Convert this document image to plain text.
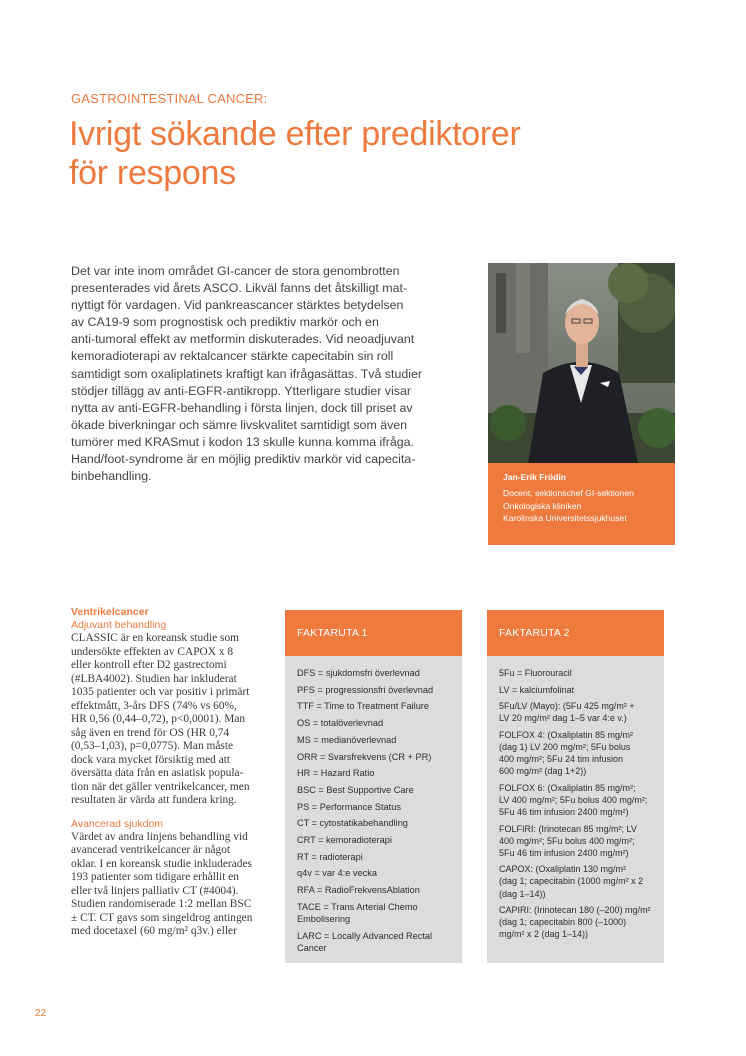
GASTROINTESTINAL CANCER:
Ivrigt sökande efter prediktorer
för respons
Det var inte inom området GI-cancer de stora genombrotten
presenterades vid årets ASCO. Likväl fanns det åtskilligt mat-
nyttigt för vardagen. Vid pankreascancer stärktes betydelsen
av CA19-9 som prognostisk och prediktiv markör och en
anti-tumoral effekt av metformin diskuterades. Vid neoadjuvant
kemoradioterapi av rektalcancer stärkte capecitabin sin roll
samtidigt som oxaliplatinets kraftigt kan ifrågasättas. Två studier
stödjer tillägg av anti-EGFR-antikropp. Ytterligare studier visar
nytta av anti-EGFR-behandling i första linjen, dock till priset av
ökade biverkningar och sämre livskvalitet samtidigt som även
tumörer med KRASmut i kodon 13 skulle kunna komma ifråga.
Hand/foot-syndrome är en möjlig prediktiv markör vid capecita-
binbehandling.	Jan-Erik Frödin
Docent, sektionschef GI-sektionen
Onkologiska kliniken
Karolinska Universitetssjukhuset
Ventrikelcancer
Adjuvant behandling
CLASSIC är en koreansk studie som
undersökte effekten av CAPOX x 8
eller kontroll efter D2 gastrectomi
(#LBA4002). Studien har inkluderat
1035 patienter och var positiv i primärt
effektmått, 3-års DFS (74% vs 60%,
HR 0,56 (0,44–0,72), p<0,0001). Man
såg även en trend för OS (HR 0,74
(0,53–1,03), p=0,0775). Man måste
dock vara mycket försiktig med att
översätta data från en asiatisk popula-
tion när det gäller ventrikelcancer, men
resultaten är värda att fundera kring.
Avancerad sjukdom
Värdet av andra linjens behandling vid
avancerad ventrikelcancer är något
oklar. I en koreansk studie inkluderades
193 patienter som tidigare erhållit en
eller två linjers palliativ CT (#4004).
Studien randomiserade 1:2 mellan BSC
± CT. CT gavs som singeldrog antingen
med docetaxel (60 mg/m² q3v.) eller
FAKTARUTA 1
DFS = sjukdomsfri överlevnad
PFS = progressionsfri överlevnad
TTF = Time to Treatment Failure
OS = totalöverlevnad
MS = medianöverlevnad
ORR = Svarsfrekvens (CR + PR)
HR = Hazard Ratio
BSC = Best Supportive Care
PS = Performance Status
CT = cytostatikabehandling
CRT = kemoradioterapi
RT = radioterapi
q4v = var 4:e vecka
RFA = RadioFrekvensAblation
TACE = Trans Arterial Chemo
Embolisering
LARC = Locally Advanced Rectal
Cancer
FAKTARUTA 2
5Fu = Fluorouracil
LV = kalciumfolinat
5Fu/LV (Mayo): (5Fu 425 mg/m² +
LV 20 mg/m² dag 1–5 var 4:e v.)
FOLFOX 4: (Oxaliplatin 85 mg/m²
(dag 1) LV 200 mg/m²; 5Fu bolus
400 mg/m²; 5Fu 24 tim infusion
600 mg/m² (dag 1+2))
FOLFOX 6: (Oxaliplatin 85 mg/m²;
LV 400 mg/m²; 5Fu bolus 400 mg/m²;
5Fu 46 tim infusion 2400 mg/m²)
FOLFIRI: (Irinotecan 85 mg/m²; LV
400 mg/m²; 5Fu bolus 400 mg/m²;
5Fu 46 tim infusion 2400 mg/m²)
CAPOX: (Oxaliplatin 130 mg/m²
(dag 1; capecitabin (1000 mg/m² x 2
(dag 1–14))
CAPIRI: (Irinotecan 180 (–200) mg/m²
(dag 1; capecitabin 800 (–1000)
mg/m² x 2 (dag 1–14))
22
